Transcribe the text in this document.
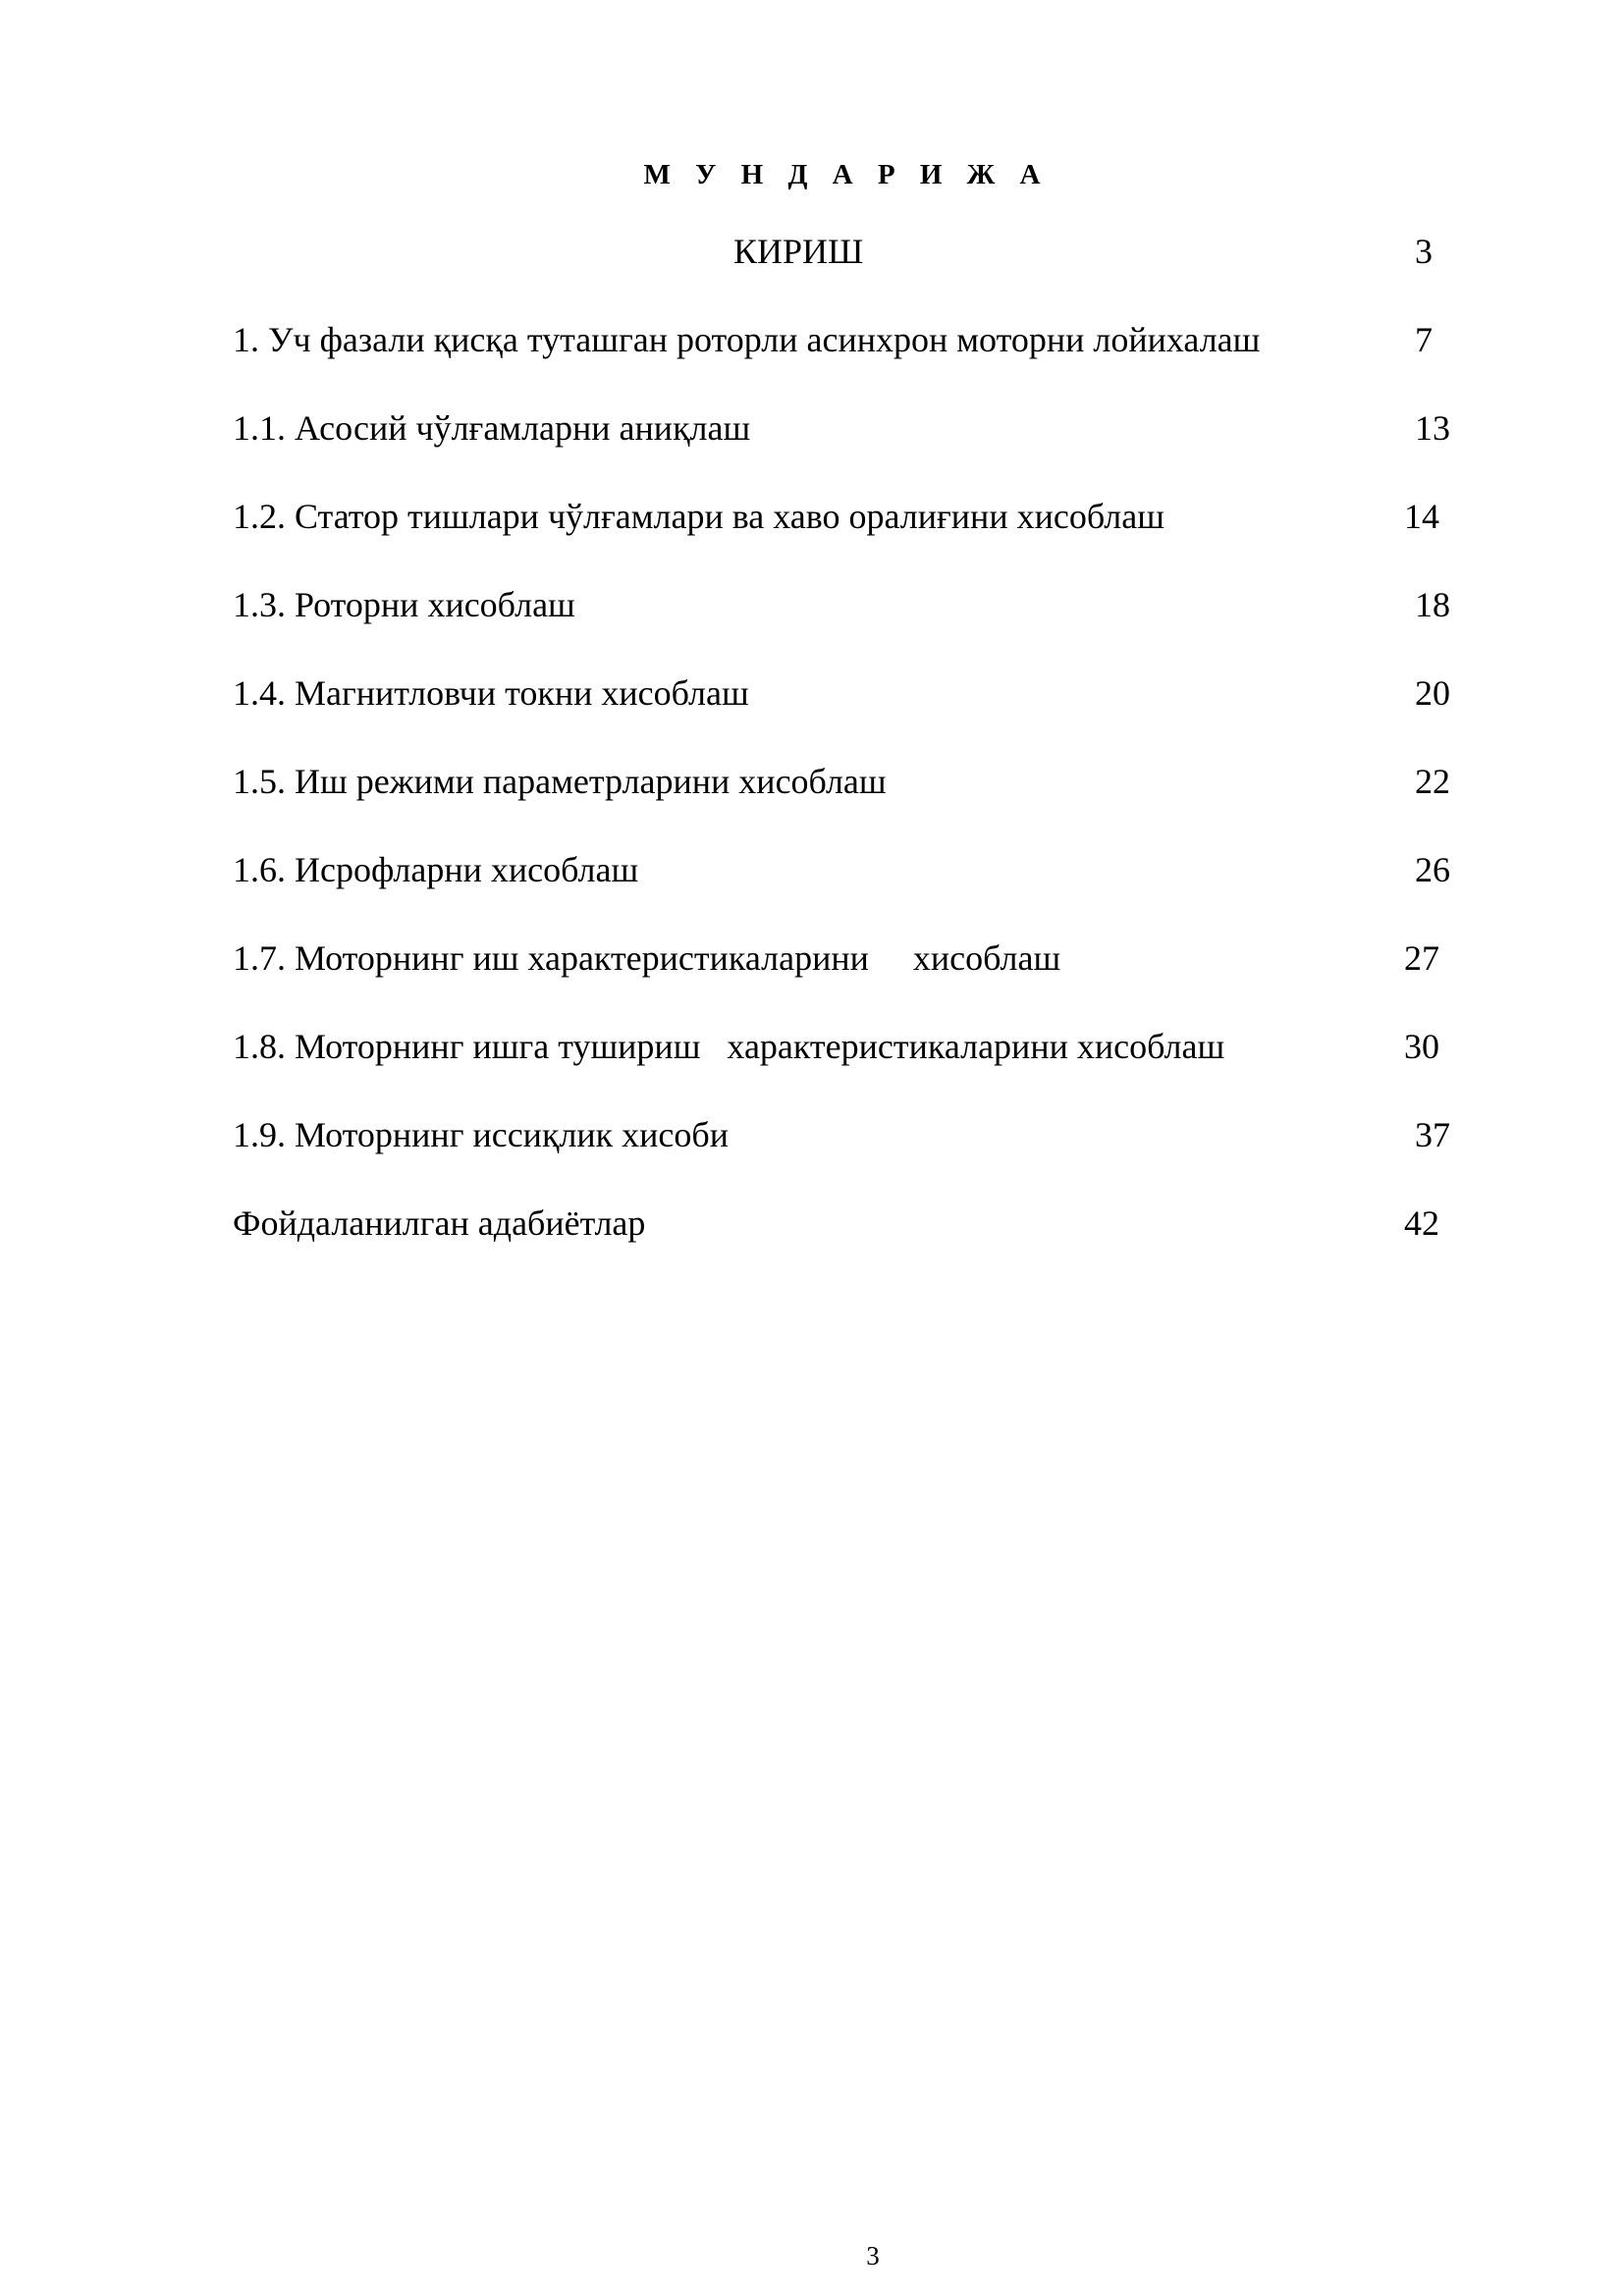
М У Н Д А Р И Ж А
КИРИШ	3
1. Уч фазали қисқа туташган роторли асинхрон моторни лойихалаш	7
1.1. Асосий чўлғамларни аниқлаш	13
1.2. Статор тишлари чўлғамлари ва хаво оралиғини хисоблаш	14
1.3. Роторни хисоблаш	18
1.4. Магнитловчи токни хисоблаш	20
1.5. Иш режими параметрларини хисоблаш	22
1.6. Исрофларни хисоблаш	26
1.7. Моторнинг иш характеристикаларини     хисоблаш	27
1.8. Моторнинг ишга тушириш   характеристикаларини хисоблаш	30
1.9. Моторнинг иссиқлик хисоби	37
Фойдаланилган адабиётлар	42
3
